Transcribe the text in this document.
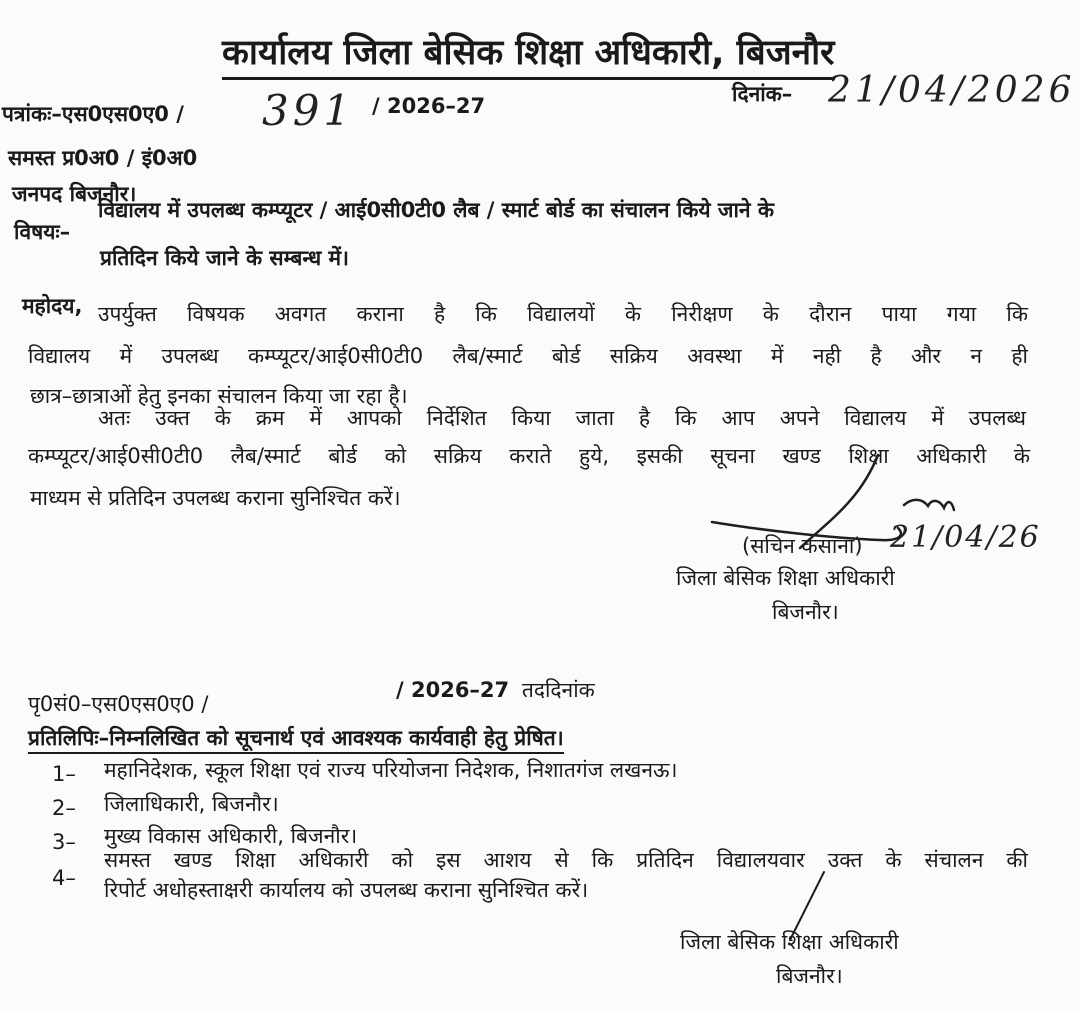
कार्यालय जिला बेसिक शिक्षा अधिकारी, बिजनौर
पत्रांकः–एस0एस0ए0 / 391 / 2026–27	दिनांक– 21/04/2026
समस्त प्र0अ0 / इं0अ0
जनपद बिजनौर।
विषयः–
विद्यालय में उपलब्ध कम्प्यूटर / आई0सी0टी0 लैब / स्मार्ट बोर्ड का संचालन किये जाने के
प्रतिदिन किये जाने के सम्बन्ध में।
महोदय, उपर्युक्त विषयक अवगत कराना है कि विद्यालयों के निरीक्षण के दौरान पाया गया कि
विद्यालय में उपलब्ध कम्प्यूटर/आई0सी0टी0 लैब/स्मार्ट बोर्ड सक्रिय अवस्था में नही है और न ही
छात्र–छात्राओं हेतु इनका संचालन किया जा रहा है।
अतः उक्त के क्रम में आपको निर्देशित किया जाता है कि आप अपने विद्यालय में उपलब्ध
कम्प्यूटर/आई0सी0टी0 लैब/स्मार्ट बोर्ड को सक्रिय कराते हुये, इसकी सूचना खण्ड शिक्षा अधिकारी के
माध्यम से प्रतिदिन उपलब्ध कराना सुनिश्चित करें।
(सचिन कसाना) 21/04/26
जिला बेसिक शिक्षा अधिकारी
बिजनौर।
/ 2026–27 तददिनांक
पृ0सं0–एस0एस0ए0 /
प्रतिलिपिः–निम्नलिखित को सूचनार्थ एवं आवश्यक कार्यवाही हेतु प्रेषित।
1– महानिदेशक, स्कूल शिक्षा एवं राज्य परियोजना निदेशक, निशातगंज लखनऊ।
2– जिलाधिकारी, बिजनौर।
3– मुख्य विकास अधिकारी, बिजनौर।
4–
समस्त खण्ड शिक्षा अधिकारी को इस आशय से कि प्रतिदिन विद्यालयवार उक्त के संचालन की
रिपोर्ट अधोहस्ताक्षरी कार्यालय को उपलब्ध कराना सुनिश्चित करें।
जिला बेसिक शिक्षा अधिकारी
बिजनौर।
